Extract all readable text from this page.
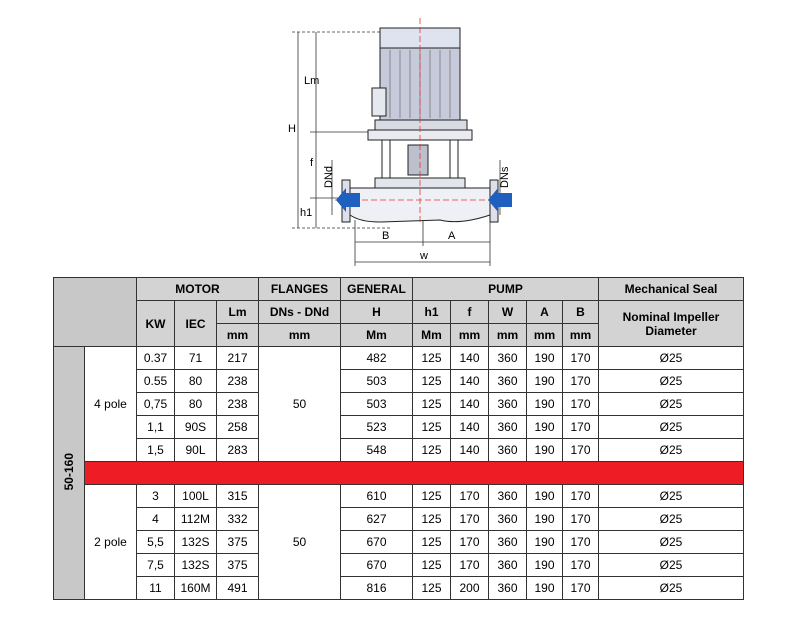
Lm
H
f
h1
DNd	DNs
B	A
w
		MOTOR			FLANGES	GENERAL	PUMP					Mechanical Seal
		KW	IEC	Lm	DNs - DNd	H	h1	f	W	A	B	Nominal Impeller Diameter
				mm	mm	Mm	Mm	mm	mm	mm	mm	
50-160	4 pole	0.37	71	217	50	482	125	140	360	190	170	Ø25
		0.55	80	238		503	125	140	360	190	170	Ø25
		0,75	80	238		503	125	140	360	190	170	Ø25
		1,1	90S	258		523	125	140	360	190	170	Ø25
		1,5	90L	283		548	125	140	360	190	170	Ø25

	2 pole	3	100L	315	50	610	125	170	360	190	170	Ø25
		4	112M	332		627	125	170	360	190	170	Ø25
		5,5	132S	375		670	125	170	360	190	170	Ø25
		7,5	132S	375		670	125	170	360	190	170	Ø25
		11	160M	491		816	125	200	360	190	170	Ø25
